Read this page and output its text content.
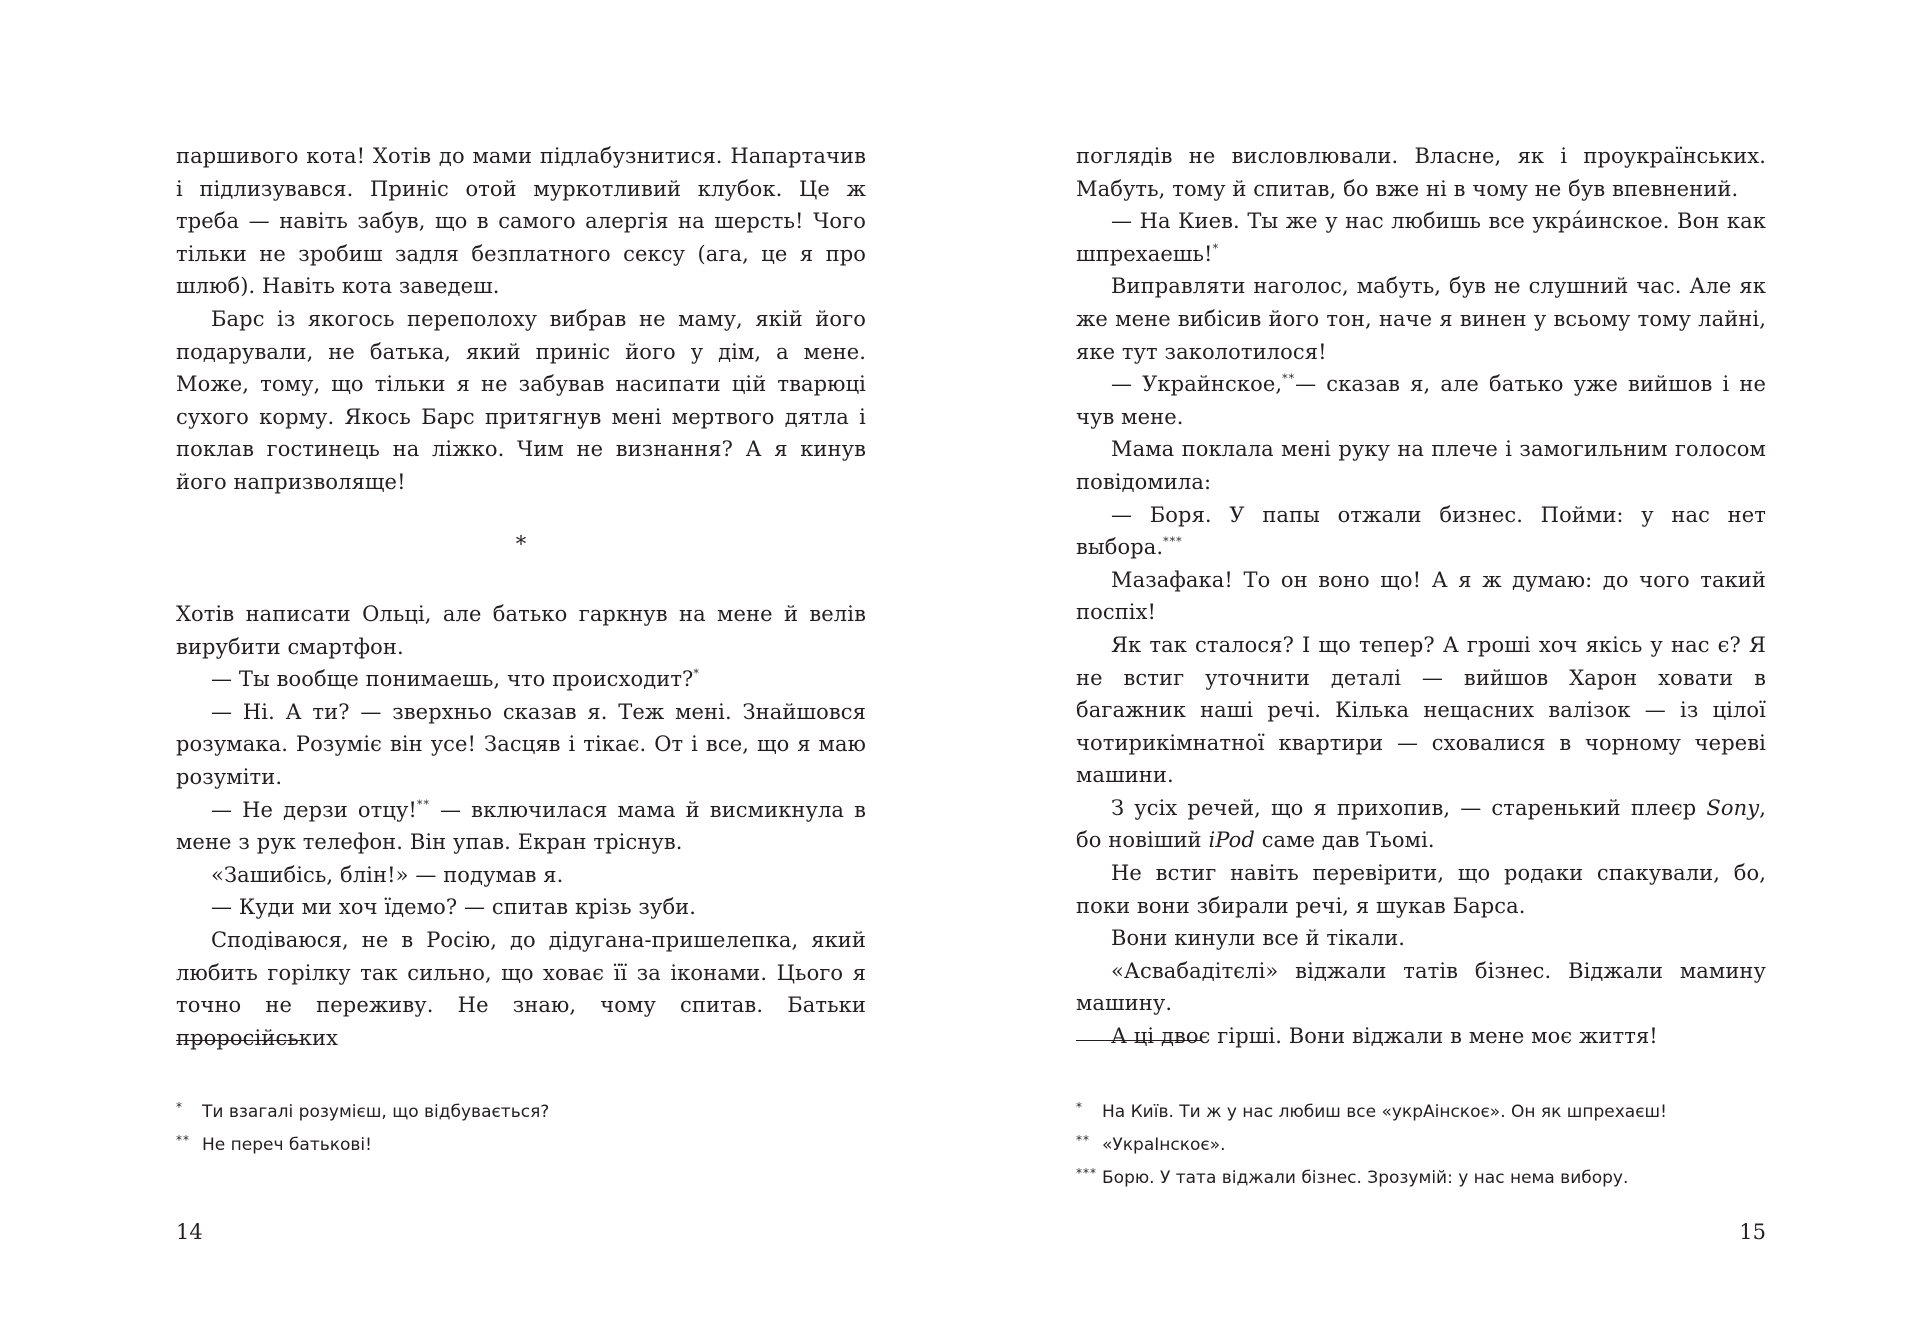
паршивого кота! Хотів до мами підлабузнитися. Напартачив і підлизувався. Приніс отой муркотливий клубок. Це ж треба — навіть забув, що в самого алергія на шерсть! Чого тільки не зробиш задля безплатного сексу (ага, це я про шлюб). Навіть кота заведеш.

Барс із якогось переполоху вибрав не маму, якій його подарували, не батька, який приніс його у дім, а мене. Може, тому, що тільки я не забував насипати цій тварюці сухого корму. Якось Барс притягнув мені мертвого дятла і поклав гостинець на ліжко. Чим не визнання? А я кинув його напризволяще!

*

Хотів написати Ольці, але батько гаркнув на мене й велів вирубити смартфон.

— Ты вообще понимаешь, что происходит?*

— Ні. А ти? — зверхньо сказав я. Теж мені. Знайшовся розумака. Розуміє він усе! Засцяв і тікає. От і все, що я маю розуміти.

— Не дерзи отцу!** — включилася мама й висмикнула в мене з рук телефон. Він упав. Екран тріснув.

«Зашибісь, блін!» — подумав я.

— Куди ми хоч їдемо? — спитав крізь зуби.

Сподіваюся, не в Росію, до дідугана-пришелепка, який любить горілку так сильно, що ховає її за іконами. Цього я точно не переживу. Не знаю, чому спитав. Батьки проросійських

* Ти взагалі розумієш, що відбувається?
** Не переч батькові!
14

поглядів не висловлювали. Власне, як і проукраїнських. Мабуть, тому й спитав, бо вже ні в чому не був впевнений.

— На Киев. Ты же у нас любишь все укра́инское. Вон как шпрехаешь!*

Виправляти наголос, мабуть, був не слушний час. Але як же мене вибісив його тон, наче я винен у всьому тому лайні, яке тут заколотилося!

— Украйнское,**— сказав я, але батько уже вийшов і не чув мене.

Мама поклала мені руку на плече і замогильним голосом повідомила:

— Боря. У папы отжали бизнес. Пойми: у нас нет выбора.***

Мазафака! То он воно що! А я ж думаю: до чого такий поспіх!

Як так сталося? І що тепер? А гроші хоч якісь у нас є? Я не встиг уточнити деталі — вийшов Харон ховати в багажник наші речі. Кілька нещасних валізок — із цілої чотирикімнатної квартири — сховалися в чорному череві машини.

З усіх речей, що я прихопив, — старенький плеєр Sony, бо новіший iPod саме дав Тьомі.

Не встиг навіть перевірити, що родаки спакували, бо, поки вони збирали речі, я шукав Барса.

Вони кинули все й тікали.

«Асвабадітєлі» віджали татів бізнес. Віджали мамину машину.

А ці двоє гірші. Вони віджали в мене моє життя!

* На Київ. Ти ж у нас любиш все «укрАінскоє». Он як шпрехаєш!
** «УкраІнскоє».
*** Борю. У тата віджали бізнес. Зрозумій: у нас нема вибору.
15
